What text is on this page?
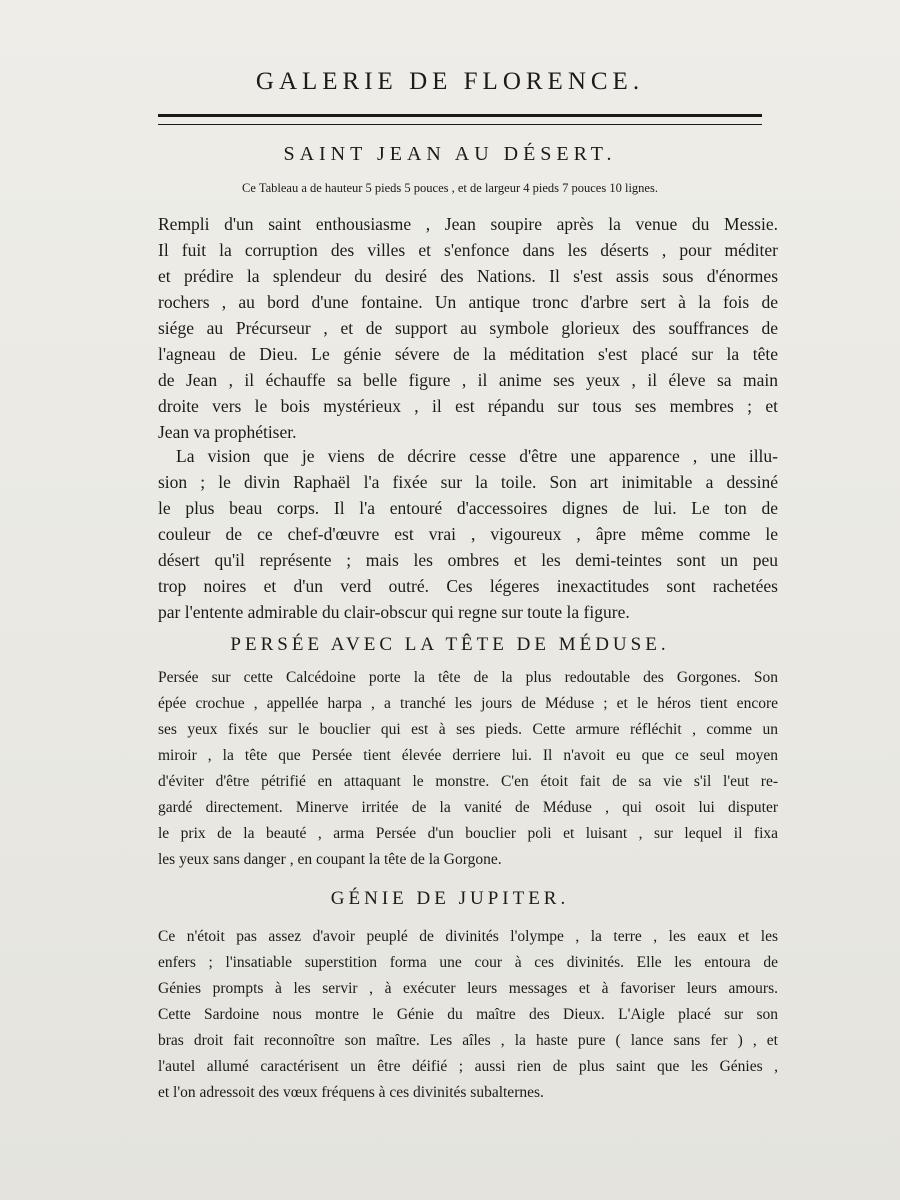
GALERIE DE FLORENCE.
SAINT JEAN AU DÉSERT.
Ce Tableau a de hauteur 5 pieds 5 pouces , et de largeur 4 pieds 7 pouces 10 lignes.
Rempli d'un saint enthousiasme , Jean soupire après la venue du Messie.
Il fuit la corruption des villes et s'enfonce dans les déserts , pour méditer
et prédire la splendeur du desiré des Nations. Il s'est assis sous d'énormes
rochers , au bord d'une fontaine. Un antique tronc d'arbre sert à la fois de
siége au Précurseur , et de support au symbole glorieux des souffrances de
l'agneau de Dieu. Le génie sévere de la méditation s'est placé sur la tête
de Jean , il échauffe sa belle figure , il anime ses yeux , il éleve sa main
droite vers le bois mystérieux , il est répandu sur tous ses membres ; et
Jean va prophétiser.
La vision que je viens de décrire cesse d'être une apparence , une illu-
sion ; le divin Raphaël l'a fixée sur la toile. Son art inimitable a dessiné
le plus beau corps. Il l'a entouré d'accessoires dignes de lui. Le ton de
couleur de ce chef-d'œuvre est vrai , vigoureux , âpre même comme le
désert qu'il représente ; mais les ombres et les demi-teintes sont un peu
trop noires et d'un verd outré. Ces légeres inexactitudes sont rachetées
par l'entente admirable du clair-obscur qui regne sur toute la figure.
PERSÉE AVEC LA TÊTE DE MÉDUSE.
Persée sur cette Calcédoine porte la tête de la plus redoutable des Gorgones. Son
épée crochue , appellée harpa , a tranché les jours de Méduse ; et le héros tient encore
ses yeux fixés sur le bouclier qui est à ses pieds. Cette armure réfléchit , comme un
miroir , la tête que Persée tient élevée derriere lui. Il n'avoit eu que ce seul moyen
d'éviter d'être pétrifié en attaquant le monstre. C'en étoit fait de sa vie s'il l'eut re-
gardé directement. Minerve irritée de la vanité de Méduse , qui osoit lui disputer
le prix de la beauté , arma Persée d'un bouclier poli et luisant , sur lequel il fixa
les yeux sans danger , en coupant la tête de la Gorgone.
GÉNIE DE JUPITER.
Ce n'étoit pas assez d'avoir peuplé de divinités l'olympe , la terre , les eaux et les
enfers ; l'insatiable superstition forma une cour à ces divinités. Elle les entoura de
Génies prompts à les servir , à exécuter leurs messages et à favoriser leurs amours.
Cette Sardoine nous montre le Génie du maître des Dieux. L'Aigle placé sur son
bras droit fait reconnoître son maître. Les aîles , la haste pure ( lance sans fer ) , et
l'autel allumé caractérisent un être déifié ; aussi rien de plus saint que les Génies ,
et l'on adressoit des vœux fréquens à ces divinités subalternes.
